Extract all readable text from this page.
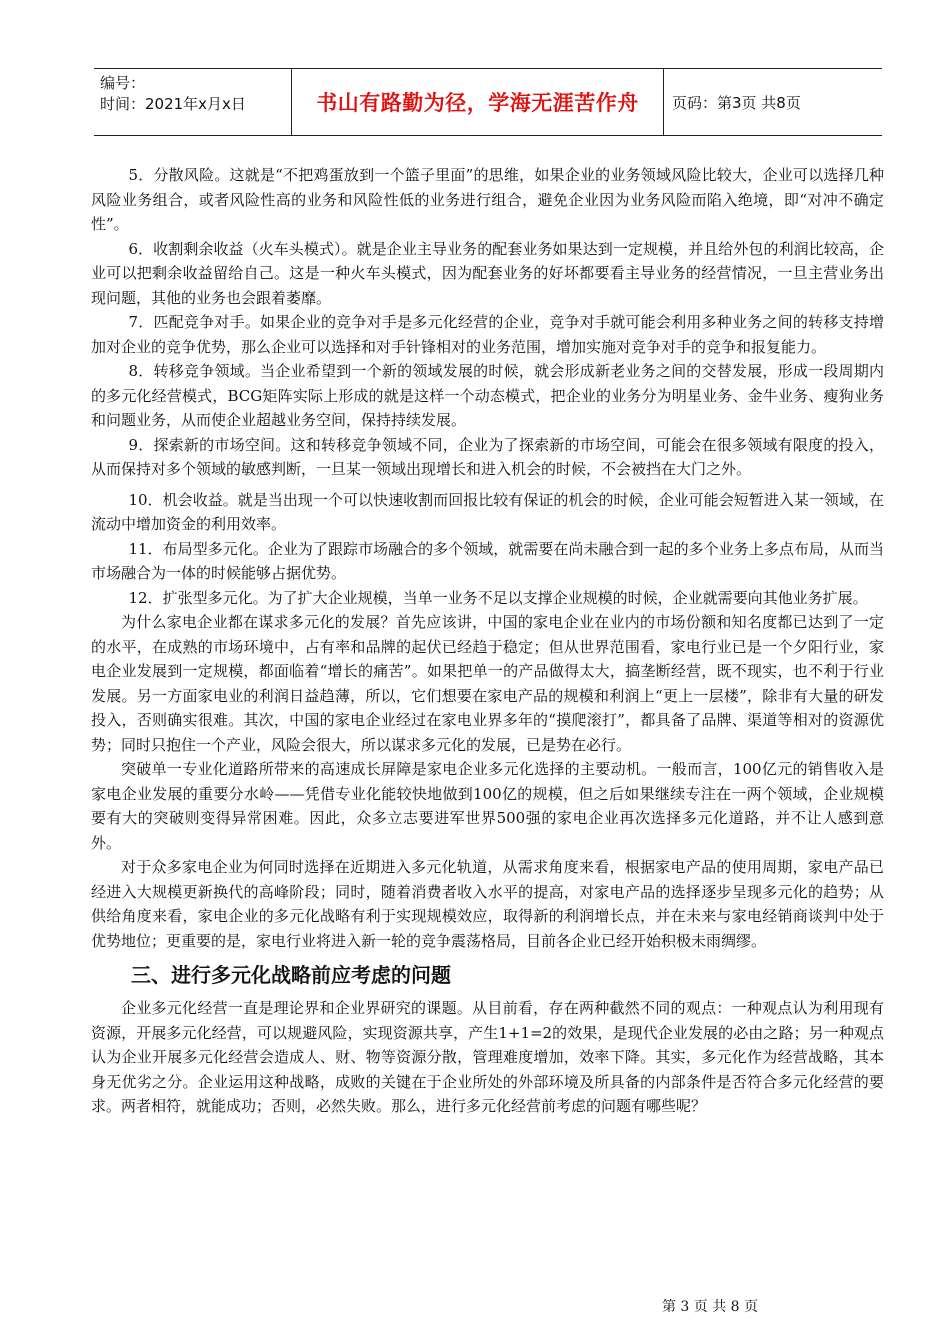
编号：
时间：2021年x月x日	书山有路勤为径，学海无涯苦作舟	页码：第3页 共8页

5．分散风险。这就是“不把鸡蛋放到一个篮子里面”的思维，如果企业的业务领域风险比较大，企业可以选择几种风险业务组合，或者风险性高的业务和风险性低的业务进行组合，避免企业因为业务风险而陷入绝境，即“对冲不确定性”。

6．收割剩余收益（火车头模式）。就是企业主导业务的配套业务如果达到一定规模，并且给外包的利润比较高，企业可以把剩余收益留给自己。这是一种火车头模式，因为配套业务的好坏都要看主导业务的经营情况，一旦主营业务出现问题，其他的业务也会跟着萎靡。

7．匹配竞争对手。如果企业的竞争对手是多元化经营的企业，竞争对手就可能会利用多种业务之间的转移支持增加对企业的竞争优势，那么企业可以选择和对手针锋相对的业务范围，增加实施对竞争对手的竞争和报复能力。

8．转移竞争领域。当企业希望到一个新的领域发展的时候，就会形成新老业务之间的交替发展，形成一段周期内的多元化经营模式，BCG矩阵实际上形成的就是这样一个动态模式，把企业的业务分为明星业务、金牛业务、瘦狗业务和问题业务，从而使企业超越业务空间，保持持续发展。

9．探索新的市场空间。这和转移竞争领域不同，企业为了探索新的市场空间，可能会在很多领域有限度的投入，从而保持对多个领域的敏感判断，一旦某一领域出现增长和进入机会的时候，不会被挡在大门之外。

10．机会收益。就是当出现一个可以快速收割而回报比较有保证的机会的时候，企业可能会短暂进入某一领域，在流动中增加资金的利用效率。

11．布局型多元化。企业为了跟踪市场融合的多个领域，就需要在尚未融合到一起的多个业务上多点布局，从而当市场融合为一体的时候能够占据优势。

12．扩张型多元化。为了扩大企业规模，当单一业务不足以支撑企业规模的时候，企业就需要向其他业务扩展。

为什么家电企业都在谋求多元化的发展？首先应该讲，中国的家电企业在业内的市场份额和知名度都已达到了一定的水平，在成熟的市场环境中，占有率和品牌的起伏已经趋于稳定；但从世界范围看，家电行业已是一个夕阳行业，家电企业发展到一定规模，都面临着“增长的痛苦”。如果把单一的产品做得太大，搞垄断经营，既不现实，也不利于行业发展。另一方面家电业的利润日益趋薄，所以，它们想要在家电产品的规模和利润上“更上一层楼”，除非有大量的研发投入，否则确实很难。其次，中国的家电企业经过在家电业界多年的“摸爬滚打”，都具备了品牌、渠道等相对的资源优势；同时只抱住一个产业，风险会很大，所以谋求多元化的发展，已是势在必行。

突破单一专业化道路所带来的高速成长屏障是家电企业多元化选择的主要动机。一般而言，100亿元的销售收入是家电企业发展的重要分水岭——凭借专业化能较快地做到100亿的规模，但之后如果继续专注在一两个领域，企业规模要有大的突破则变得异常困难。因此，众多立志要进军世界500强的家电企业再次选择多元化道路，并不让人感到意外。

对于众多家电企业为何同时选择在近期进入多元化轨道，从需求角度来看，根据家电产品的使用周期，家电产品已经进入大规模更新换代的高峰阶段；同时，随着消费者收入水平的提高，对家电产品的选择逐步呈现多元化的趋势；从供给角度来看，家电企业的多元化战略有利于实现规模效应，取得新的利润增长点，并在未来与家电经销商谈判中处于优势地位；更重要的是，家电行业将进入新一轮的竞争震荡格局，目前各企业已经开始积极未雨绸缪。

三、进行多元化战略前应考虑的问题

企业多元化经营一直是理论界和企业界研究的课题。从目前看，存在两种截然不同的观点：一种观点认为利用现有资源，开展多元化经营，可以规避风险，实现资源共享，产生1+1=2的效果，是现代企业发展的必由之路；另一种观点认为企业开展多元化经营会造成人、财、物等资源分散，管理难度增加，效率下降。其实，多元化作为经营战略，其本身无优劣之分。企业运用这种战略，成败的关键在于企业所处的外部环境及所具备的内部条件是否符合多元化经营的要求。两者相符，就能成功；否则，必然失败。那么，进行多元化经营前考虑的问题有哪些呢？

第 3 页 共 8 页
